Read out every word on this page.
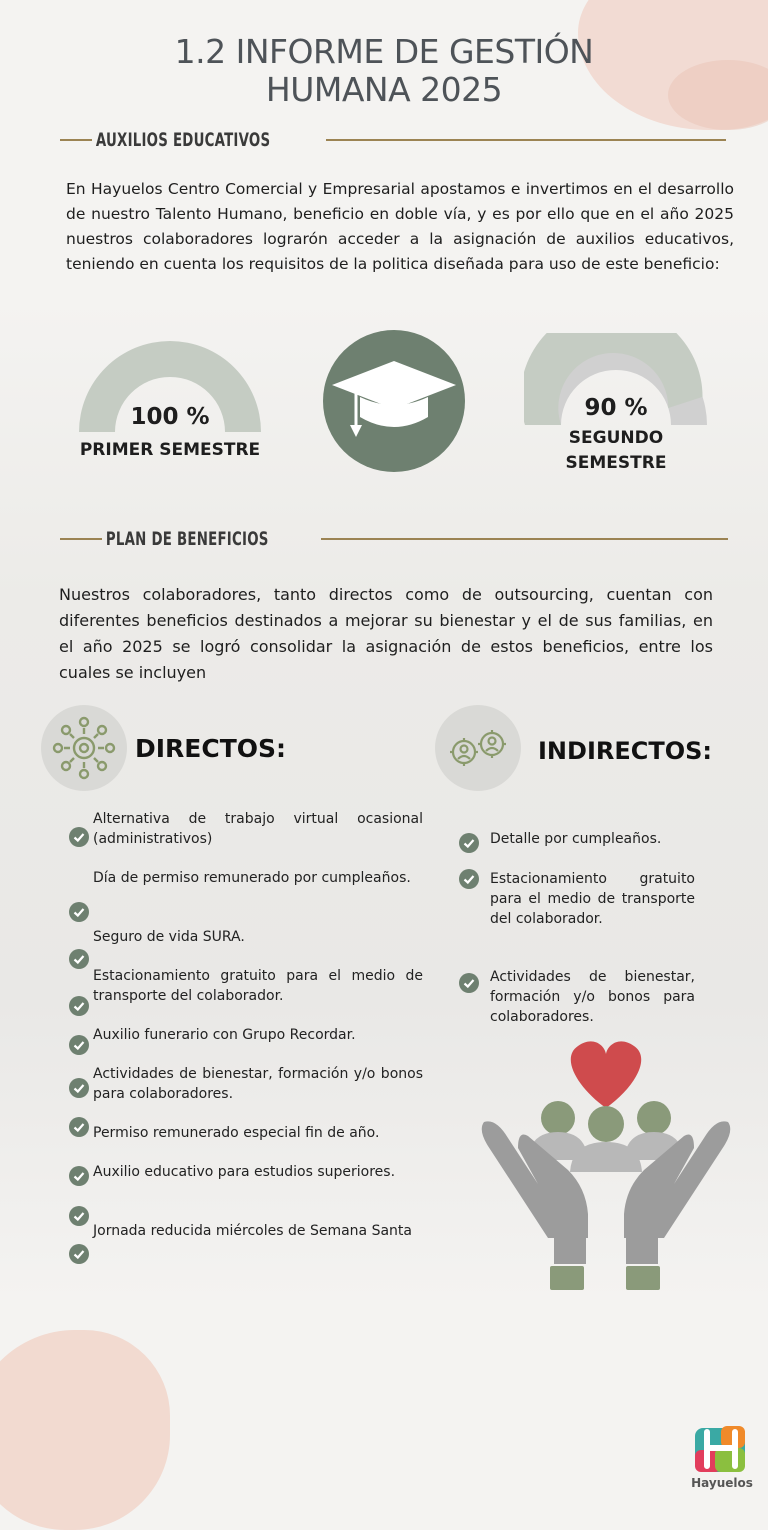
1.2 INFORME DE GESTIÓN
HUMANA 2025
AUXILIOS EDUCATIVOS
En Hayuelos Centro Comercial y Empresarial apostamos e invertimos en el desarrollo de nuestro Talento Humano, beneficio en doble vía, y es por ello que en el año 2025 nuestros colaboradores lograrón acceder a la asignación de auxilios educativos, teniendo en cuenta los requisitos de la politica diseñada para uso de este beneficio:
100 %
PRIMER SEMESTRE
90 %
SEGUNDO
SEMESTRE
PLAN DE BENEFICIOS
Nuestros colaboradores, tanto directos como de outsourcing, cuentan con diferentes beneficios destinados a mejorar su bienestar y el de sus familias, en el año 2025 se logró consolidar la asignación de estos beneficios, entre los cuales se incluyen
DIRECTOS:	INDIRECTOS:
Alternativa de trabajo virtual ocasional (administrativos)
Día de permiso remunerado por cumpleaños.
Seguro de vida SURA.
Estacionamiento gratuito para el medio de transporte del colaborador.
Auxilio funerario con Grupo Recordar.
Actividades de bienestar, formación y/o bonos para colaboradores.
Permiso remunerado especial fin de año.
Auxilio educativo para estudios superiores.
Jornada reducida miércoles de Semana Santa
Detalle por cumpleaños.
Estacionamiento gratuito para el medio de transporte del colaborador.
Actividades de bienestar, formación y/o bonos para colaboradores.
Hayuelos
